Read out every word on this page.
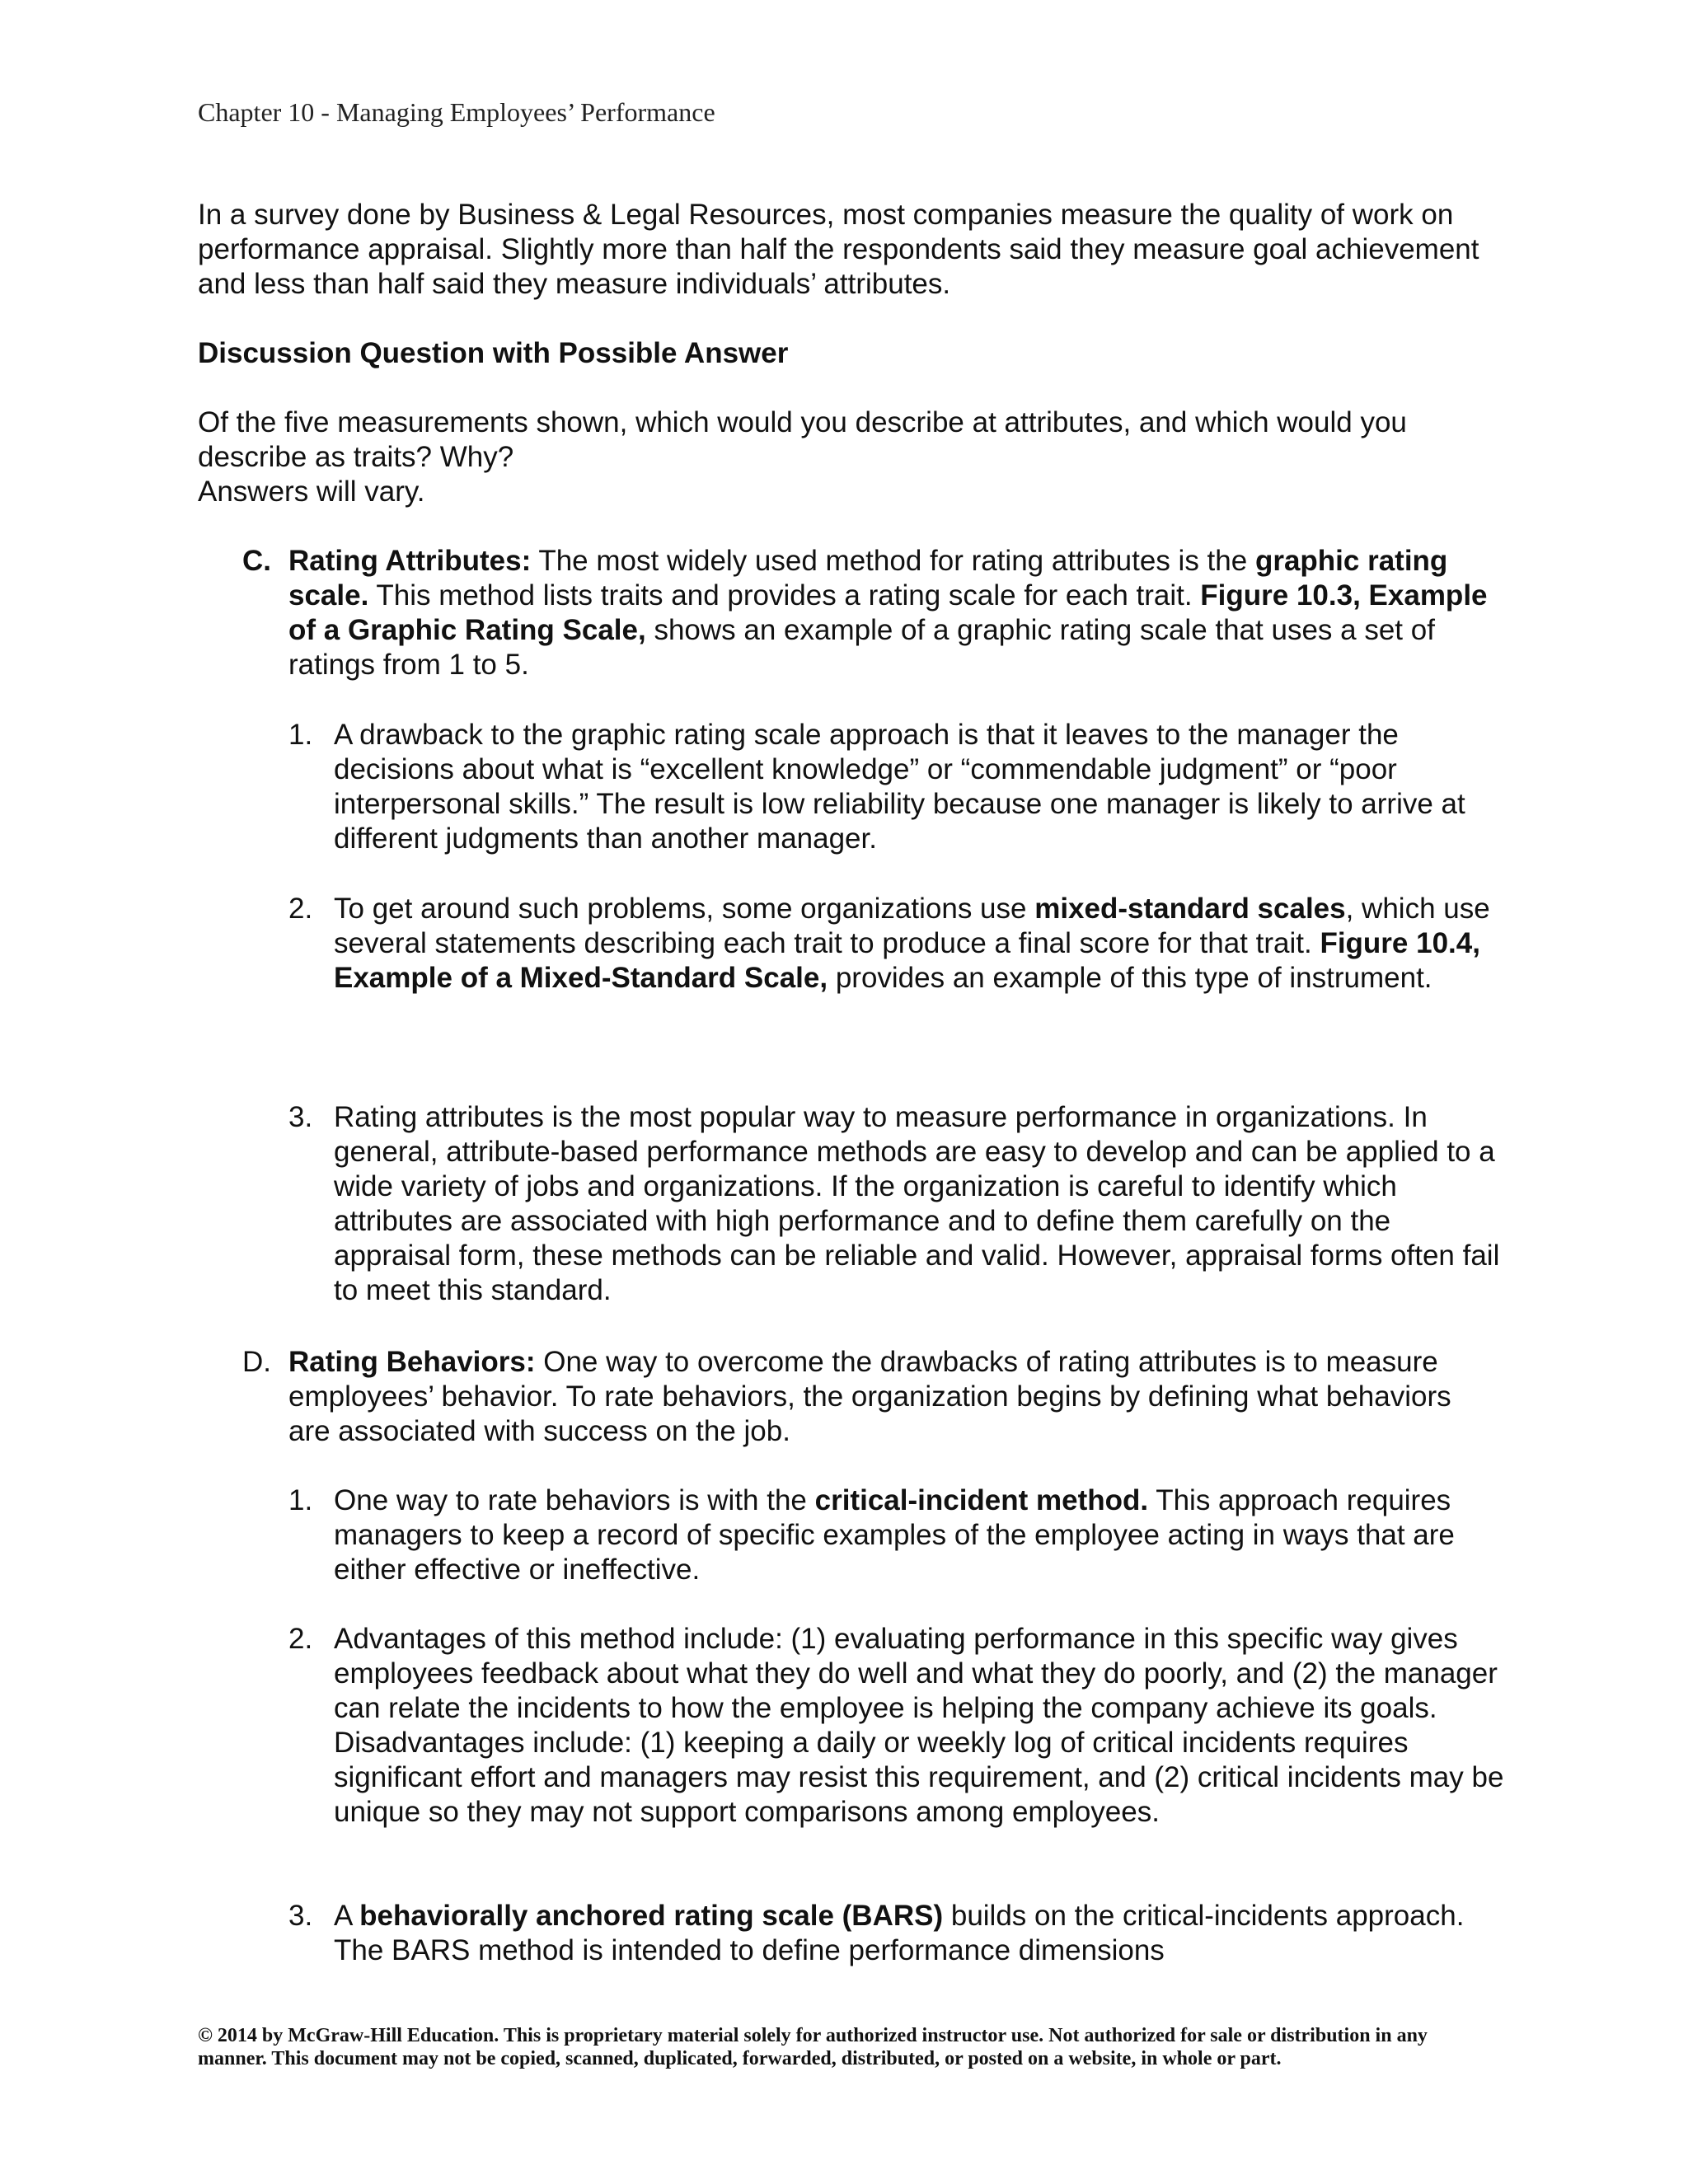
Chapter 10 - Managing Employees’ Performance

In a survey done by Business & Legal Resources, most companies measure the quality of work on performance appraisal. Slightly more than half the respondents said they measure goal achievement and less than half said they measure individuals’ attributes.

Discussion Question with Possible Answer

Of the five measurements shown, which would you describe at attributes, and which would you describe as traits? Why?

Answers will vary.

C. Rating Attributes: The most widely used method for rating attributes is the graphic rating scale. This method lists traits and provides a rating scale for each trait. Figure 10.3, Example of a Graphic Rating Scale, shows an example of a graphic rating scale that uses a set of ratings from 1 to 5.
1. A drawback to the graphic rating scale approach is that it leaves to the manager the decisions about what is “excellent knowledge” or “commendable judgment” or “poor interpersonal skills.” The result is low reliability because one manager is likely to arrive at different judgments than another manager.
2. To get around such problems, some organizations use mixed-standard scales, which use several statements describing each trait to produce a final score for that trait. Figure 10.4, Example of a Mixed-Standard Scale, provides an example of this type of instrument.
3. Rating attributes is the most popular way to measure performance in organizations. In general, attribute-based performance methods are easy to develop and can be applied to a wide variety of jobs and organizations. If the organization is careful to identify which attributes are associated with high performance and to define them carefully on the appraisal form, these methods can be reliable and valid. However, appraisal forms often fail to meet this standard.
D. Rating Behaviors: One way to overcome the drawbacks of rating attributes is to measure employees’ behavior. To rate behaviors, the organization begins by defining what behaviors are associated with success on the job.
1. One way to rate behaviors is with the critical-incident method. This approach requires managers to keep a record of specific examples of the employee acting in ways that are either effective or ineffective.
2. Advantages of this method include: (1) evaluating performance in this specific way gives employees feedback about what they do well and what they do poorly, and (2) the manager can relate the incidents to how the employee is helping the company achieve its goals. Disadvantages include: (1) keeping a daily or weekly log of critical incidents requires significant effort and managers may resist this requirement, and (2) critical incidents may be unique so they may not support comparisons among employees.
3. A behaviorally anchored rating scale (BARS) builds on the critical-incidents approach. The BARS method is intended to define performance dimensions
© 2014 by McGraw-Hill Education. This is proprietary material solely for authorized instructor use. Not authorized for sale or distribution in any manner. This document may not be copied, scanned, duplicated, forwarded, distributed, or posted on a website, in whole or part.
